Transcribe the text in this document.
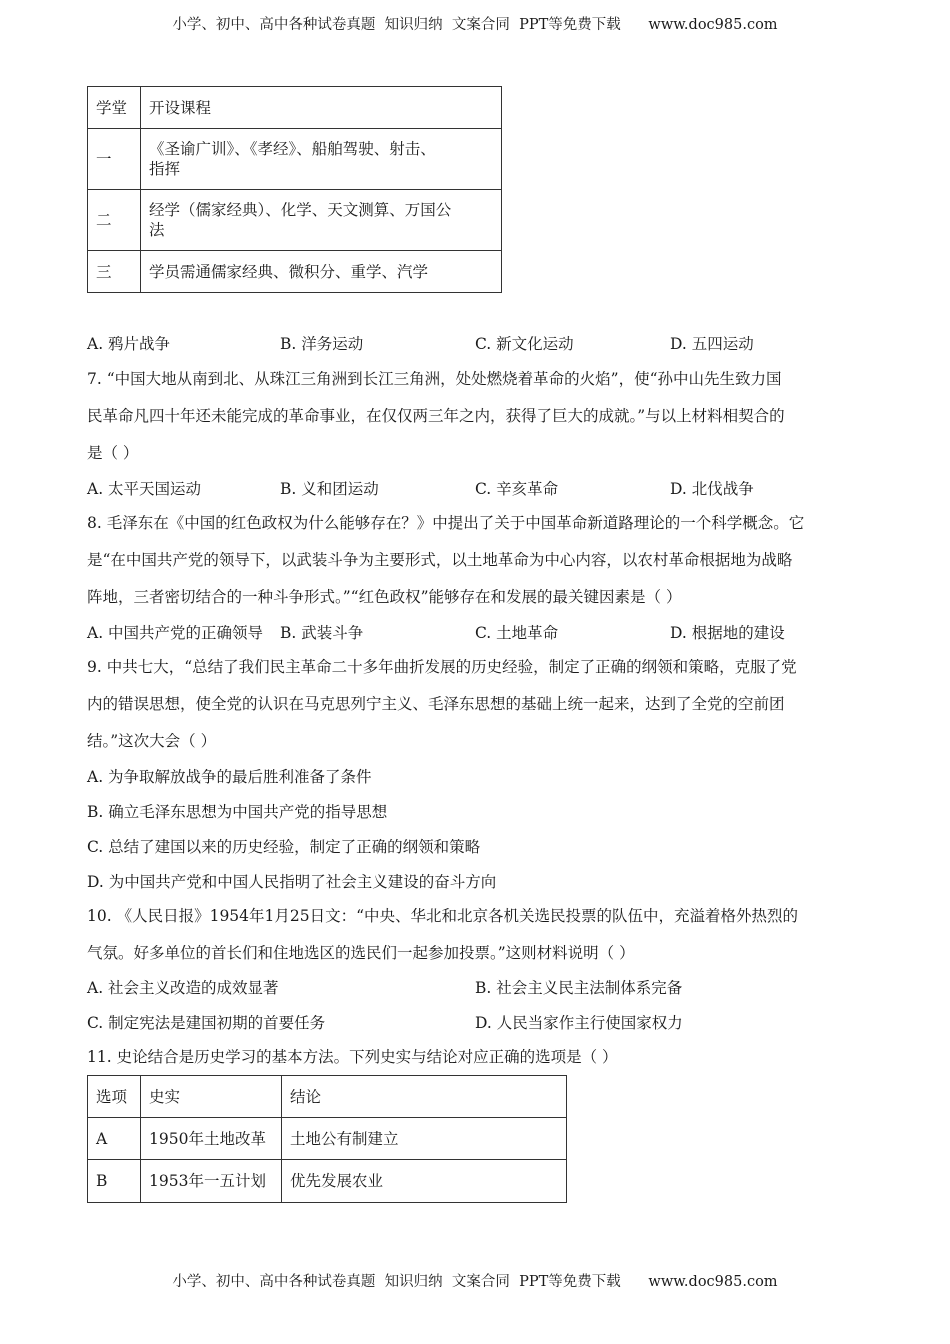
小学、初中、高中各种试卷真题  知识归纳  文案合同  PPT等免费下载      www.doc985.com
学堂	开设课程
一	《圣谕广训》、《孝经》、船舶驾驶、射击、
指挥

二	经学（儒家经典）、化学、天文测算、万国公
法

三	学员需通儒家经典、微积分、重学、汽学
A. 鸦片战争	B. 洋务运动	C. 新文化运动	D. 五四运动
7. “中国大地从南到北、从珠江三角洲到长江三角洲，处处燃烧着革命的火焰”，使“孙中山先生致力国
民革命凡四十年还未能完成的革命事业，在仅仅两三年之内，获得了巨大的成就。”与以上材料相契合的
是（ ）
A. 太平天国运动	B. 义和团运动	C. 辛亥革命	D. 北伐战争
8. 毛泽东在《中国的红色政权为什么能够存在？》中提出了关于中国革命新道路理论的一个科学概念。它
是“在中国共产党的领导下，以武装斗争为主要形式，以土地革命为中心内容，以农村革命根据地为战略
阵地，三者密切结合的一种斗争形式。”“红色政权”能够存在和发展的最关键因素是（ ）
A. 中国共产党的正确领导 B. 武装斗争	C. 土地革命	D. 根据地的建设
9. 中共七大，“总结了我们民主革命二十多年曲折发展的历史经验，制定了正确的纲领和策略，克服了党
内的错误思想，使全党的认识在马克思列宁主义、毛泽东思想的基础上统一起来，达到了全党的空前团
结。”这次大会（ ）
A. 为争取解放战争的最后胜利准备了条件
B. 确立毛泽东思想为中国共产党的指导思想
C. 总结了建国以来的历史经验，制定了正确的纲领和策略
D. 为中国共产党和中国人民指明了社会主义建设的奋斗方向
10. 《人民日报》1954年1月25日文：“中央、华北和北京各机关选民投票的队伍中，充溢着格外热烈的
气氛。好多单位的首长们和住地选区的选民们一起参加投票。”这则材料说明（ ）
A. 社会主义改造的成效显著	B. 社会主义民主法制体系完备
C. 制定宪法是建国初期的首要任务	D. 人民当家作主行使国家权力
11. 史论结合是历史学习的基本方法。下列史实与结论对应正确的选项是（ ）
选项	史实	结论
A	1950年土地改革	土地公有制建立
B	1953年一五计划	优先发展农业
小学、初中、高中各种试卷真题  知识归纳  文案合同  PPT等免费下载      www.doc985.com
